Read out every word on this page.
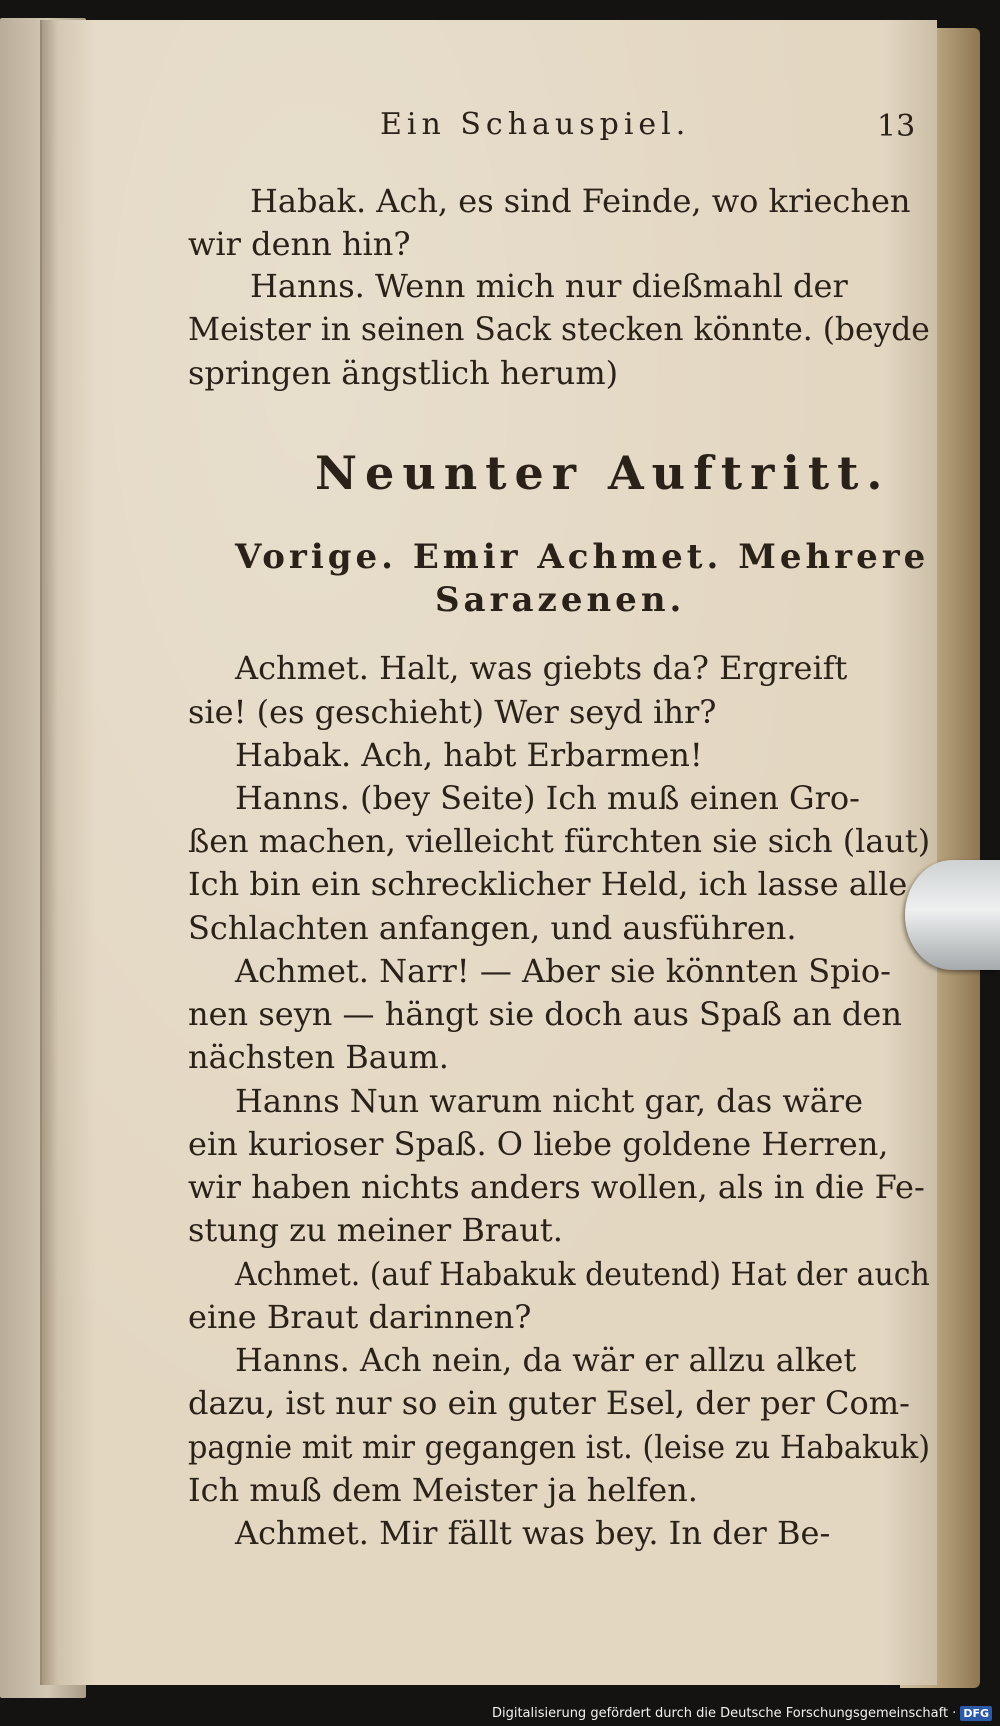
Ein Schauspiel.	13
Habak. Ach, es sind Feinde, wo kriechen
wir denn hin?
Hanns. Wenn mich nur dießmahl der
Meister in seinen Sack stecken könnte. (beyde
springen ängstlich herum)
Neunter Auftritt.
Vorige. Emir Achmet. Mehrere
Sarazenen.
Achmet. Halt, was giebts da? Ergreift
sie! (es geschieht) Wer seyd ihr?
Habak. Ach, habt Erbarmen!
Hanns. (bey Seite) Ich muß einen Gro-
ßen machen, vielleicht fürchten sie sich (laut)
Ich bin ein schrecklicher Held, ich lasse alle
Schlachten anfangen, und ausführen.
Achmet. Narr! — Aber sie könnten Spio-
nen seyn — hängt sie doch aus Spaß an den
nächsten Baum.
Hanns Nun warum nicht gar, das wäre
ein kurioser Spaß. O liebe goldene Herren,
wir haben nichts anders wollen, als in die Fe-
stung zu meiner Braut.
Achmet. (auf Habakuk deutend) Hat der auch
eine Braut darinnen?
Hanns. Ach nein, da wär er allzu alket
dazu, ist nur so ein guter Esel, der per Com-
pagnie mit mir gegangen ist. (leise zu Habakuk)
Ich muß dem Meister ja helfen.
Achmet. Mir fällt was bey. In der Be-
Digitalisierung gefördert durch die Deutsche Forschungsgemeinschaft · DFG
